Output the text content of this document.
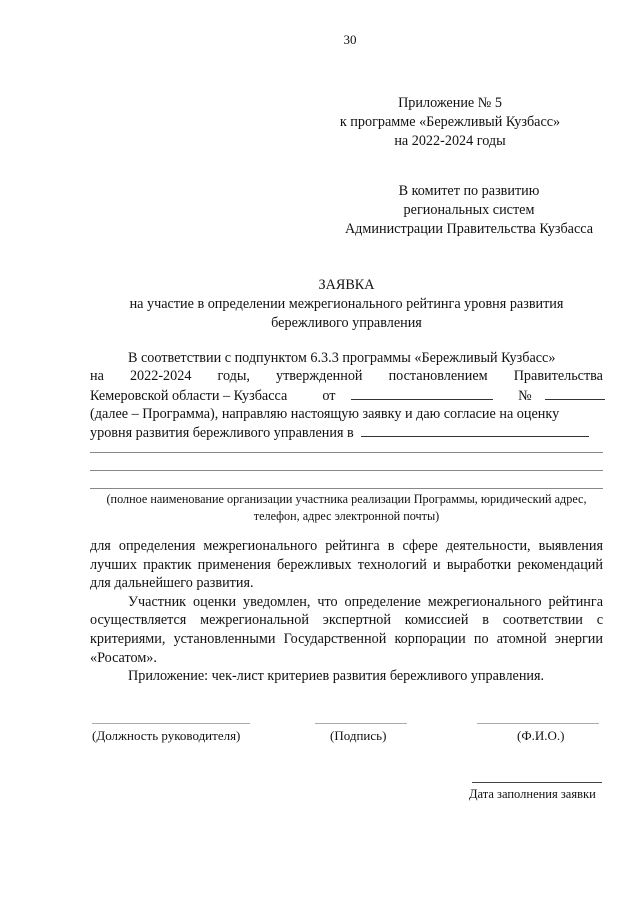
30
Приложение № 5
к программе «Бережливый Кузбасс»
на 2022-2024 годы
В комитет по развитию
региональных систем
Администрации Правительства Кузбасса
ЗАЯВКА
на участие в определении межрегионального рейтинга уровня развития
бережливого управления
В соответствии с подпунктом 6.3.3 программы «Бережливый Кузбасс»
на 2022-2024 годы, утвержденной постановлением Правительства
Кемеровской области – Кузбасса от	№
(далее – Программа), направляю настоящую заявку и даю согласие на оценку
уровня развития бережливого управления в
(полное наименование организации участника реализации Программы, юридический адрес,
телефон, адрес электронной почты)

для определения межрегионального рейтинга в сфере деятельности, выявления лучших практик применения бережливых технологий и выработки рекомендаций для дальнейшего развития.

Участник оценки уведомлен, что определение межрегионального рейтинга осуществляется межрегиональной экспертной комиссией в соответствии с критериями, установленными Государственной корпорации по атомной энергии «Росатом».

Приложение: чек-лист критериев развития бережливого управления.

(Должность руководителя)	(Подпись)	(Ф.И.О.)
Дата заполнения заявки
